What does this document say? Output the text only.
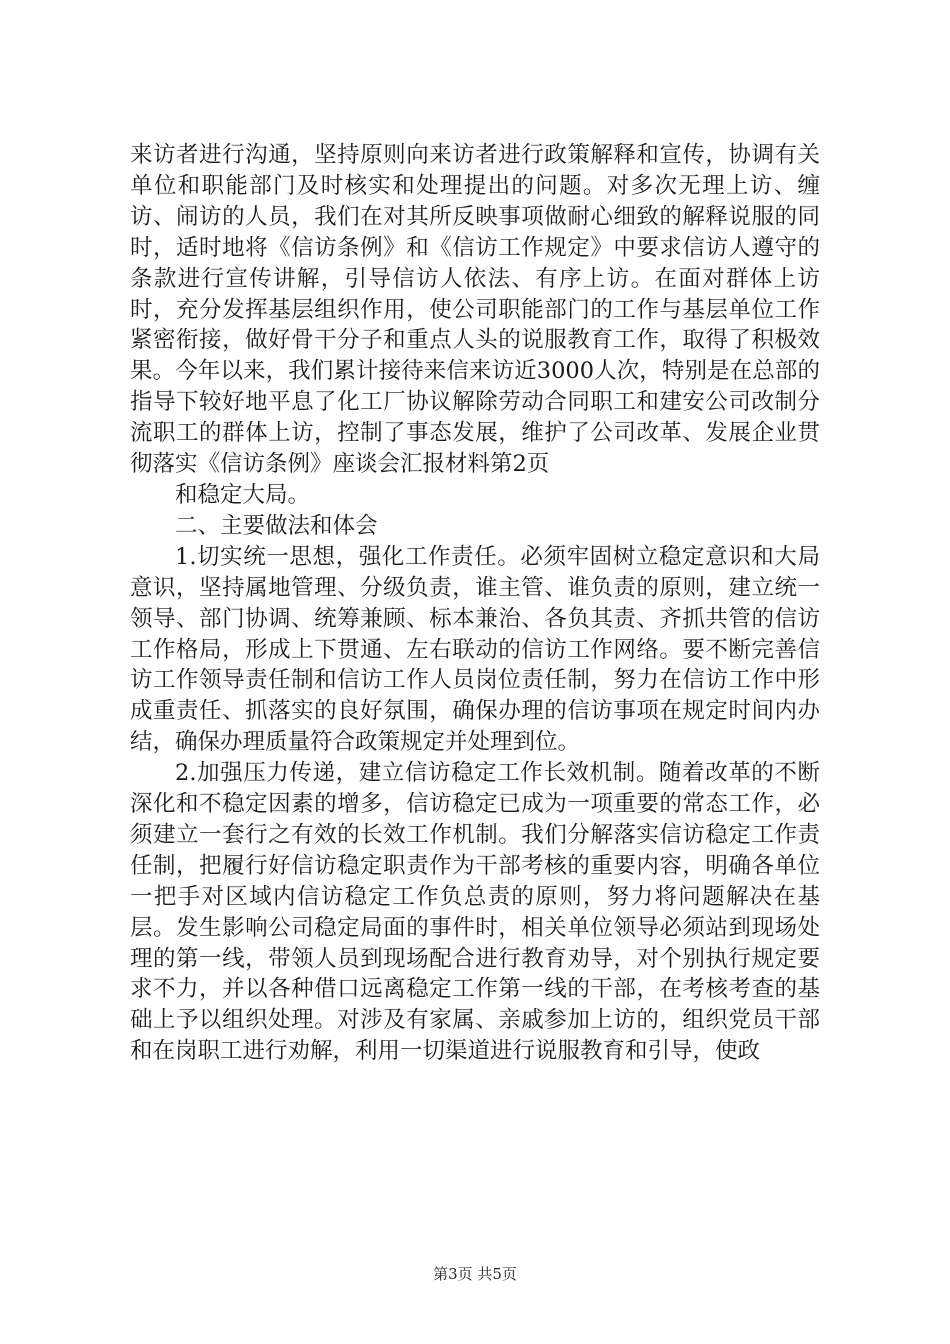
来访者进行沟通，坚持原则向来访者进行政策解释和宣传，协调有关单位和职能部门及时核实和处理提出的问题。对多次无理上访、缠访、闹访的人员，我们在对其所反映事项做耐心细致的解释说服的同时，适时地将《信访条例》和《信访工作规定》中要求信访人遵守的条款进行宣传讲解，引导信访人依法、有序上访。在面对群体上访时，充分发挥基层组织作用，使公司职能部门的工作与基层单位工作紧密衔接，做好骨干分子和重点人头的说服教育工作，取得了积极效果。今年以来，我们累计接待来信来访近3000人次，特别是在总部的指导下较好地平息了化工厂协议解除劳动合同职工和建安公司改制分流职工的群体上访，控制了事态发展，维护了公司改革、发展企业贯彻落实《信访条例》座谈会汇报材料第2页

和稳定大局。

二、主要做法和体会

1.切实统一思想，强化工作责任。必须牢固树立稳定意识和大局意识，坚持属地管理、分级负责，谁主管、谁负责的原则，建立统一领导、部门协调、统筹兼顾、标本兼治、各负其责、齐抓共管的信访工作格局，形成上下贯通、左右联动的信访工作网络。要不断完善信访工作领导责任制和信访工作人员岗位责任制，努力在信访工作中形成重责任、抓落实的良好氛围，确保办理的信访事项在规定时间内办结，确保办理质量符合政策规定并处理到位。

2.加强压力传递，建立信访稳定工作长效机制。随着改革的不断深化和不稳定因素的增多，信访稳定已成为一项重要的常态工作，必须建立一套行之有效的长效工作机制。我们分解落实信访稳定工作责任制，把履行好信访稳定职责作为干部考核的重要内容，明确各单位一把手对区域内信访稳定工作负总责的原则，努力将问题解决在基层。发生影响公司稳定局面的事件时，相关单位领导必须站到现场处理的第一线，带领人员到现场配合进行教育劝导，对个别执行规定要求不力，并以各种借口远离稳定工作第一线的干部，在考核考查的基础上予以组织处理。对涉及有家属、亲戚参加上访的，组织党员干部和在岗职工进行劝解，利用一切渠道进行说服教育和引导，使政

第3页 共5页
